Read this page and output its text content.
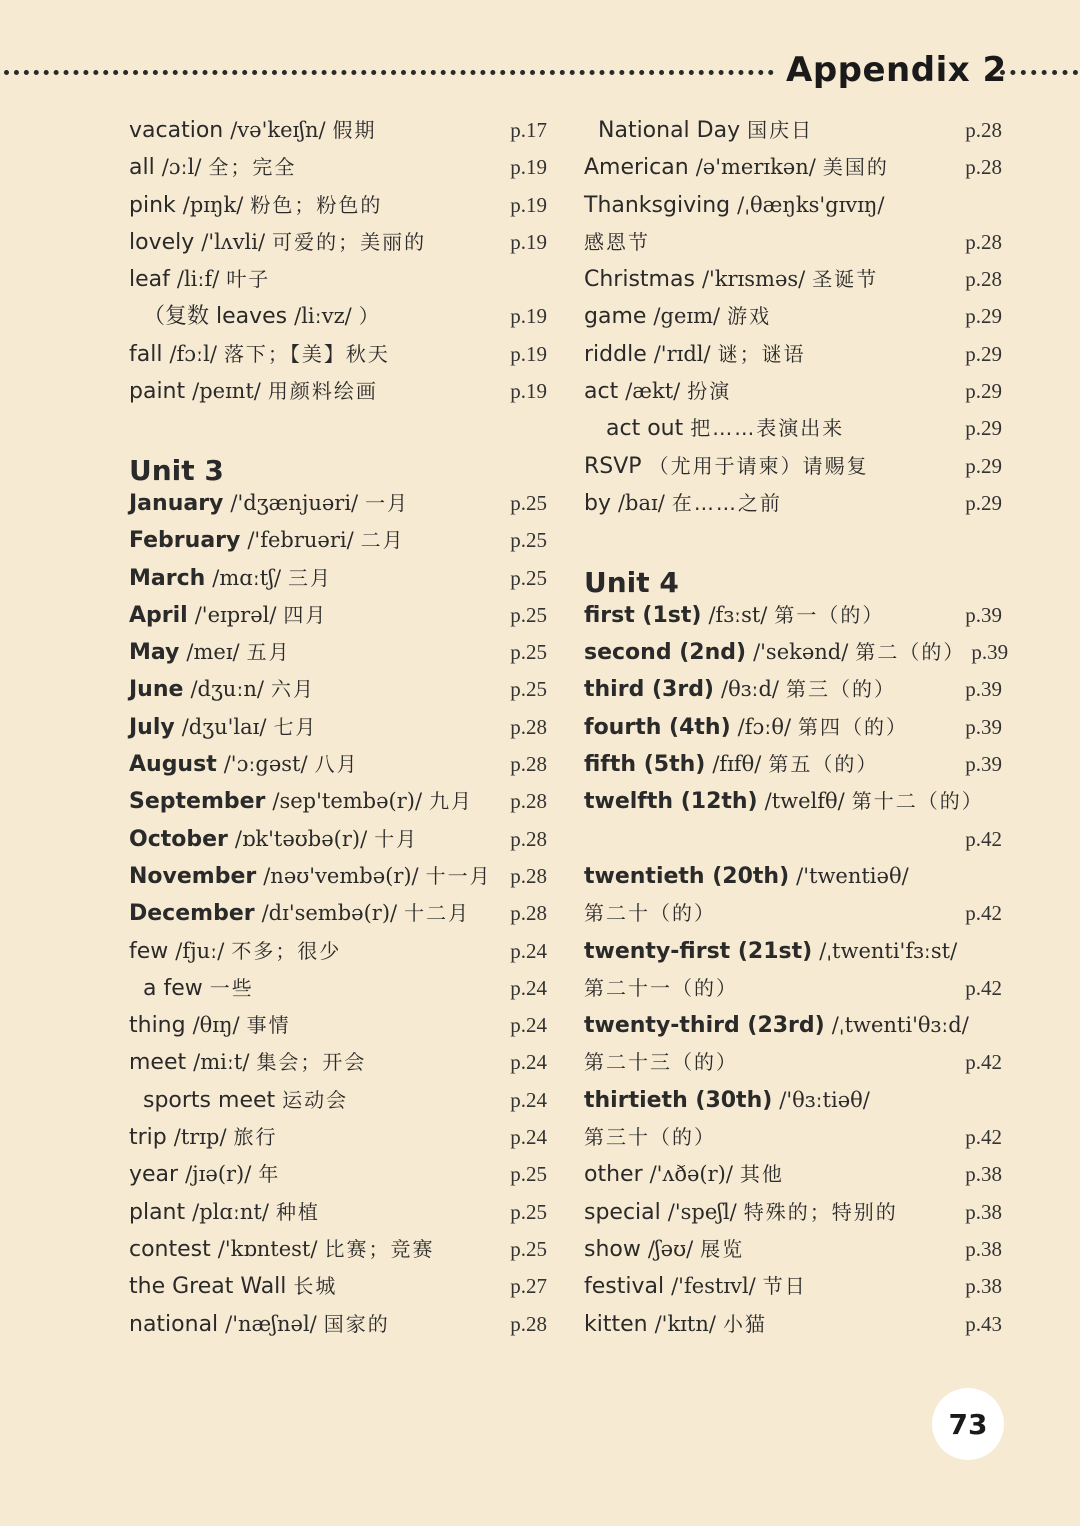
Appendix 2
vacation /və'keɪʃn/ 假期	p.17
all /ɔːl/ 全；完全	p.19
pink /pɪŋk/ 粉色；粉色的	p.19
lovely /'lʌvli/ 可爱的；美丽的	p.19
leaf /liːf/ 叶子
（复数 leaves /liːvz/ ）	p.19
fall /fɔːl/ 落下；【美】秋天	p.19
paint /peɪnt/ 用颜料绘画	p.19
Unit 3
January /'dʒænjuəri/ 一月	p.25
February /'februəri/ 二月	p.25
March /mɑːtʃ/ 三月	p.25
April /'eɪprəl/ 四月	p.25
May /meɪ/ 五月	p.25
June /dʒuːn/ 六月	p.25
July /dʒu'laɪ/ 七月	p.28
August /'ɔːgəst/ 八月	p.28
September /sep'tembə(r)/ 九月 p.28
October /ɒk'təʊbə(r)/ 十月	p.28
November /nəʊ'vembə(r)/ 十一月 p.28
December /dɪ'sembə(r)/ 十二月 p.28
few /fjuː/ 不多；很少	p.24
a few 一些	p.24
thing /θɪŋ/ 事情	p.24
meet /miːt/ 集会；开会	p.24
sports meet 运动会	p.24
trip /trɪp/ 旅行	p.24
year /jɪə(r)/ 年	p.25
plant /plɑːnt/ 种植	p.25
contest /'kɒntest/ 比赛；竞赛	p.25
the Great Wall 长城	p.27
national /'næʃnəl/ 国家的	p.28
National Day 国庆日	p.28
American /ə'merɪkən/ 美国的	p.28
Thanksgiving /ˌθæŋks'gɪvɪŋ/
感恩节	p.28
Christmas /'krɪsməs/ 圣诞节	p.28
game /geɪm/ 游戏	p.29
riddle /'rɪdl/ 谜；谜语	p.29
act /ækt/ 扮演	p.29
act out 把……表演出来	p.29
RSVP （尤用于请柬）请赐复	p.29
by /baɪ/ 在……之前	p.29
Unit 4
first (1st) /fɜːst/ 第一（的）	p.39
second (2nd) /'sekənd/ 第二（的） p.39
third (3rd) /θɜːd/ 第三（的）	p.39
fourth (4th) /fɔːθ/ 第四（的）	p.39
fifth (5th) /fɪfθ/ 第五（的）	p.39
twelfth (12th) /twelfθ/ 第十二（的）
p.42
twentieth (20th) /'twentiəθ/
第二十（的）	p.42
twenty-first (21st) /ˌtwenti'fɜːst/
第二十一（的）	p.42
twenty-third (23rd) /ˌtwenti'θɜːd/
第二十三（的）	p.42
thirtieth (30th) /'θɜːtiəθ/
第三十（的）	p.42
other /'ʌðə(r)/ 其他	p.38
special /'speʃl/ 特殊的；特别的	p.38
show /ʃəʊ/ 展览	p.38
festival /'festɪvl/ 节日	p.38
kitten /'kɪtn/ 小猫	p.43
73
